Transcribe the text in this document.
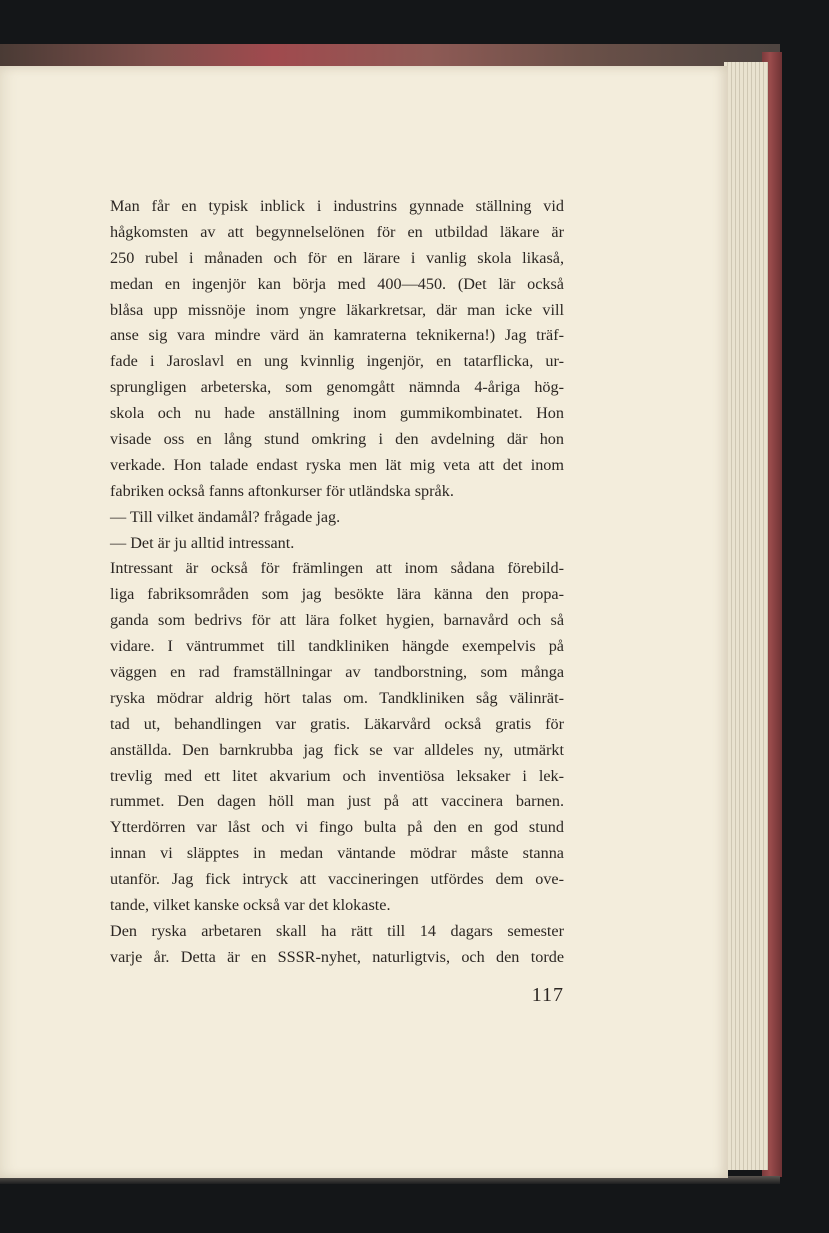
Man får en typisk inblick i industrins gynnade ställning vid
hågkomsten av att begynnelselönen för en utbildad läkare är
250 rubel i månaden och för en lärare i vanlig skola likaså,
medan en ingenjör kan börja med 400—450. (Det lär också
blåsa upp missnöje inom yngre läkarkretsar, där man icke vill
anse sig vara mindre värd än kamraterna teknikerna!) Jag träf-
fade i Jaroslavl en ung kvinnlig ingenjör, en tatarflicka, ur-
sprungligen arbeterska, som genomgått nämnda 4-åriga hög-
skola och nu hade anställning inom gummikombinatet. Hon
visade oss en lång stund omkring i den avdelning där hon
verkade. Hon talade endast ryska men lät mig veta att det inom
fabriken också fanns aftonkurser för utländska språk.
— Till vilket ändamål? frågade jag.
— Det är ju alltid intressant.
Intressant är också för främlingen att inom sådana förebild-
liga fabriksområden som jag besökte lära känna den propa-
ganda som bedrivs för att lära folket hygien, barnavård och så
vidare. I väntrummet till tandkliniken hängde exempelvis på
väggen en rad framställningar av tandborstning, som många
ryska mödrar aldrig hört talas om. Tandkliniken såg välinrät-
tad ut, behandlingen var gratis. Läkarvård också gratis för
anställda. Den barnkrubba jag fick se var alldeles ny, utmärkt
trevlig med ett litet akvarium och inventiösa leksaker i lek-
rummet. Den dagen höll man just på att vaccinera barnen.
Ytterdörren var låst och vi fingo bulta på den en god stund
innan vi släpptes in medan väntande mödrar måste stanna
utanför. Jag fick intryck att vaccineringen utfördes dem ove-
tande, vilket kanske också var det klokaste.
Den ryska arbetaren skall ha rätt till 14 dagars semester
varje år. Detta är en SSSR-nyhet, naturligtvis, och den torde
117
